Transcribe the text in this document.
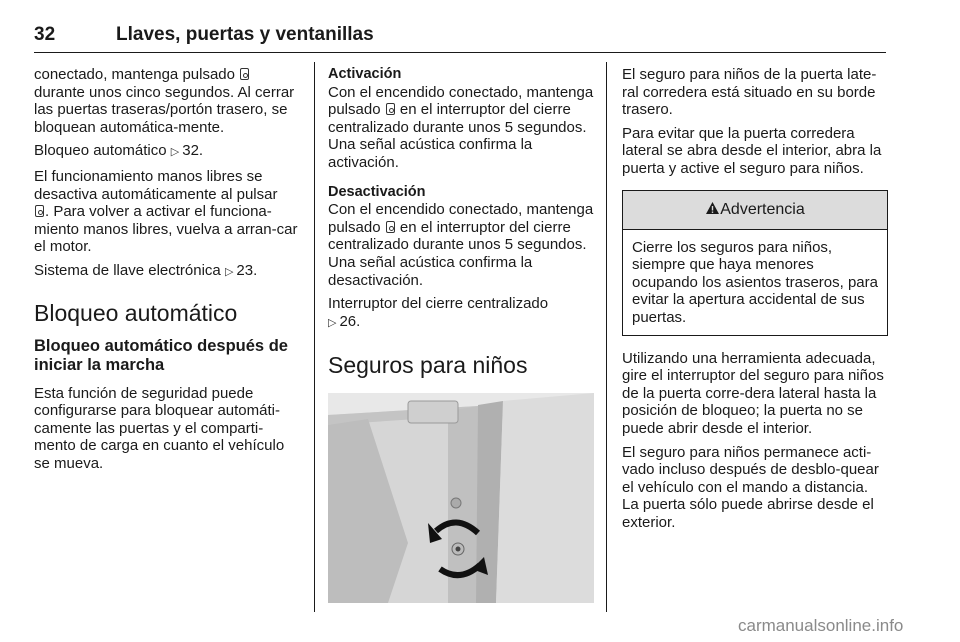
32	Llaves, puertas y ventanillas

conectado, mantenga pulsado
durante unos cinco segundos. Al cerrar las puertas traseras/portón trasero, se bloquean automática-mente.

Bloqueo automático ▷ 32.

El funcionamiento manos libres se desactiva automáticamente al pulsar
. Para volver a activar el funciona-miento manos libres, vuelva a arran-car el motor.

Sistema de llave electrónica ▷ 23.

Bloqueo automático
Bloqueo automático después de iniciar la marcha

Esta función de seguridad puede configurarse para bloquear automáti-camente las puertas y el comparti-mento de carga en cuanto el vehículo se mueva.

Activación
Con el encendido conectado, mantenga pulsado en el interruptor del cierre centralizado durante unos 5 segundos. Una señal acústica confirma la activación.

Desactivación
Con el encendido conectado, mantenga pulsado en el interruptor del cierre centralizado durante unos 5 segundos. Una señal acústica confirma la desactivación.

Interruptor del cierre centralizado
▷ 26.

Seguros para niños

El seguro para niños de la puerta late-ral corredera está situado en su borde trasero.

Para evitar que la puerta corredera lateral se abra desde el interior, abra la puerta y active el seguro para niños.

Advertencia

Cierre los seguros para niños, siempre que haya menores ocupando los asientos traseros, para evitar la apertura accidental de sus puertas.

Utilizando una herramienta adecuada, gire el interruptor del seguro para niños de la puerta corre-dera lateral hasta la posición de bloqueo; la puerta no se puede abrir desde el interior.

El seguro para niños permanece acti-vado incluso después de desblo-quear el vehículo con el mando a distancia. La puerta sólo puede abrirse desde el exterior.

carmanualsonline.info
